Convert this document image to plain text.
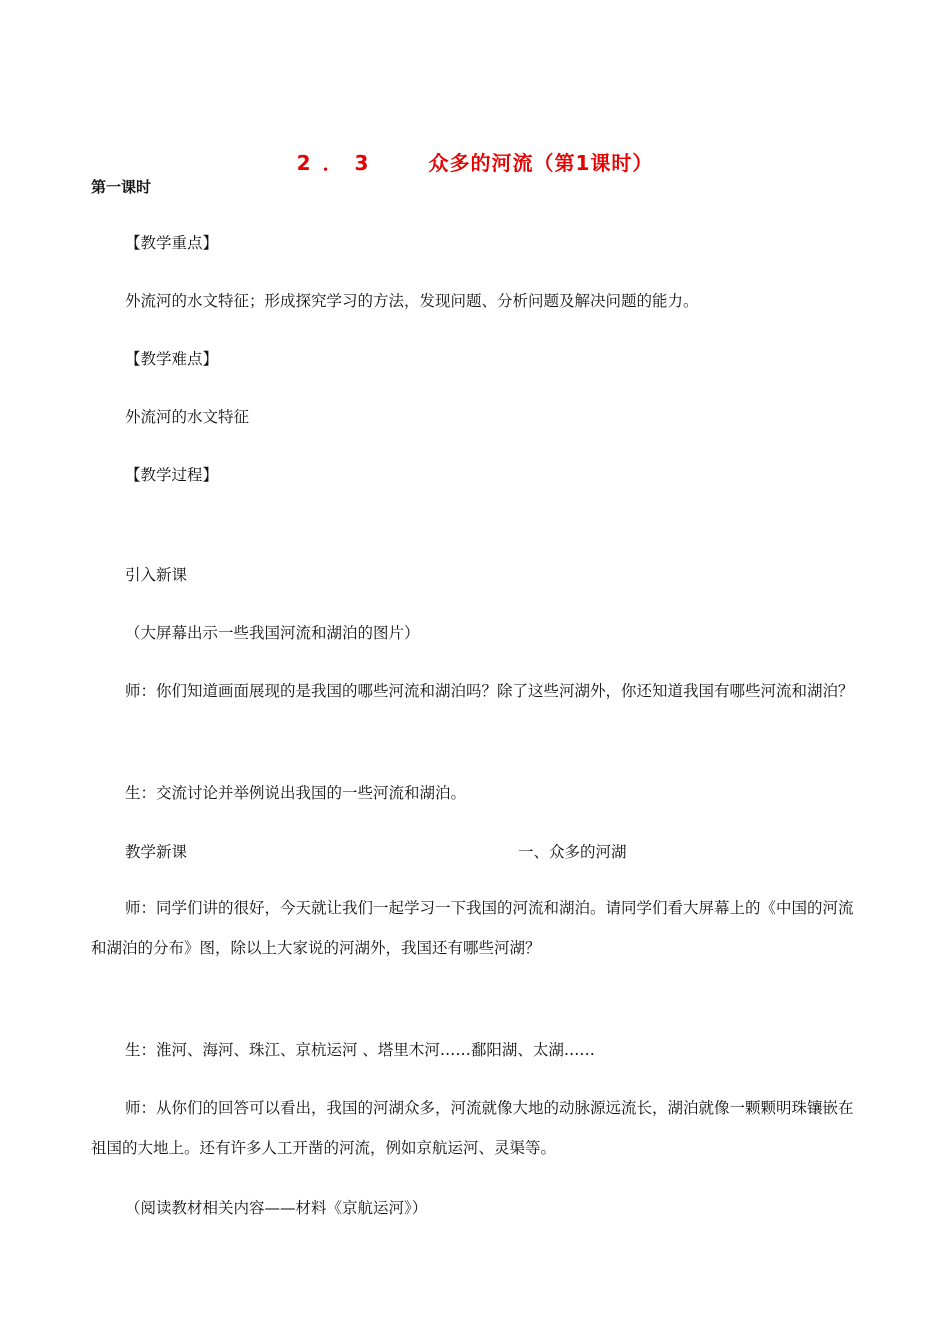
2．3 众多的河流（第1课时）
第一课时
【教学重点】
外流河的水文特征；形成探究学习的方法，发现问题、分析问题及解决问题的能力。
【教学难点】
外流河的水文特征
【教学过程】
引入新课
（大屏幕出示一些我国河流和湖泊的图片）
师：你们知道画面展现的是我国的哪些河流和湖泊吗？除了这些河湖外，你还知道我国有哪些河流和湖泊？
生：交流讨论并举例说出我国的一些河流和湖泊。
教学新课	一、众多的河湖
师：同学们讲的很好，今天就让我们一起学习一下我国的河流和湖泊。请同学们看大屏幕上的《中国的河流和湖泊的分布》图，除以上大家说的河湖外，我国还有哪些河湖？
生：淮河、海河、珠江、京杭运河 、塔里木河……鄱阳湖、太湖……
师：从你们的回答可以看出，我国的河湖众多，河流就像大地的动脉源远流长，湖泊就像一颗颗明珠镶嵌在祖国的大地上。还有许多人工开凿的河流，例如京航运河、灵渠等。
（阅读教材相关内容——材料《京航运河》）
